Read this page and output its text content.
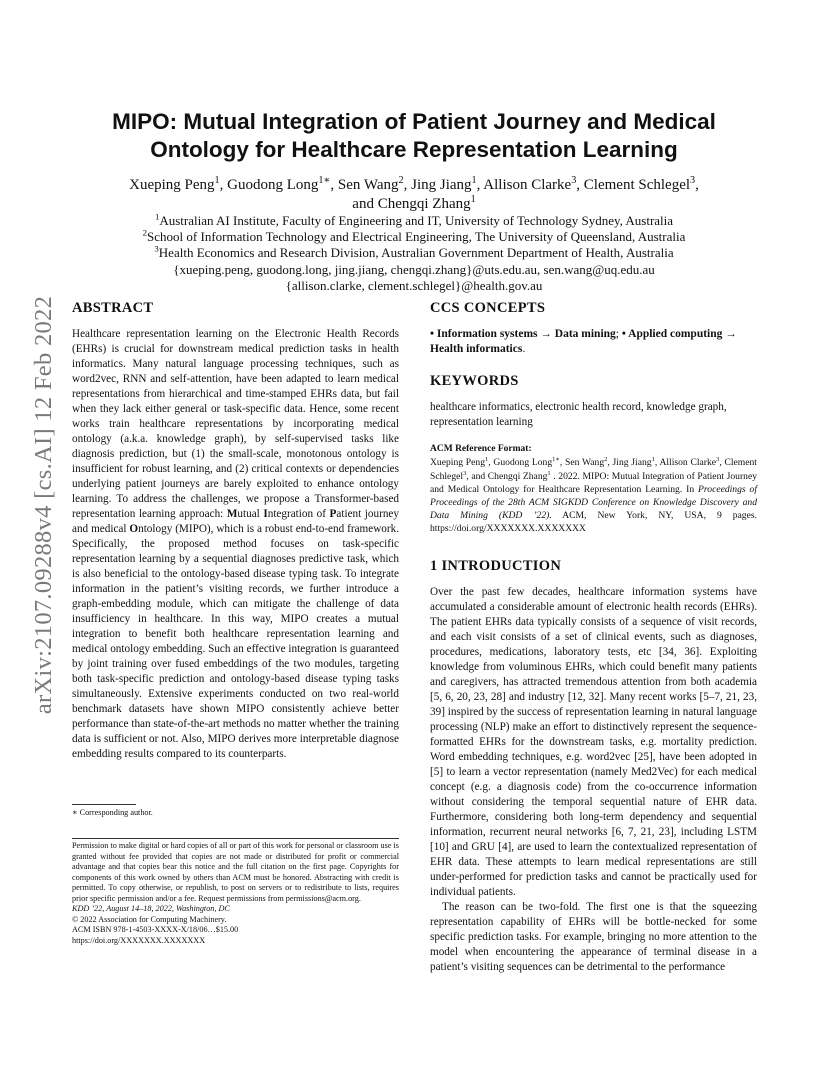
arXiv:2107.09288v4 [cs.AI] 12 Feb 2022
MIPO: Mutual Integration of Patient Journey and Medical
Ontology for Healthcare Representation Learning
Xueping Peng$^1$, Guodong Long$^{1∗}$, Sen Wang$^2$, Jing Jiang$^1$, Allison Clarke$^3$, Clement Schlegel$^3$,
and Chengqi Zhang$^1$
$^1$Australian AI Institute, Faculty of Engineering and IT, University of Technology Sydney, Australia
$^2$School of Information Technology and Electrical Engineering, The University of Queensland, Australia
$^3$Health Economics and Research Division, Australian Government Department of Health, Australia
{xueping.peng, guodong.long, jing.jiang, chengqi.zhang}@uts.edu.au, sen.wang@uq.edu.au
{allison.clarke, clement.schlegel}@health.gov.au
ABSTRACT

Healthcare representation learning on the Electronic Health Records (EHRs) is crucial for downstream medical prediction tasks in health informatics. Many natural language processing techniques, such as word2vec, RNN and self-attention, have been adapted to learn medical representations from hierarchical and time-stamped EHRs data, but fail when they lack either general or task-specific data. Hence, some recent works train healthcare representations by incorporating medical ontology (a.k.a. knowledge graph), by self-supervised tasks like diagnosis prediction, but (1) the small-scale, monotonous ontology is insufficient for robust learning, and (2) critical contexts or dependencies underlying patient journeys are barely exploited to enhance ontology learning. To address the challenges, we propose a Transformer-based representation learning approach: Mutual Integration of Patient journey and medical Ontology (MIPO), which is a robust end-to-end framework. Specifically, the proposed method focuses on task-specific representation learning by a sequential diagnoses predictive task, which is also beneficial to the ontology-based disease typing task. To integrate information in the patient’s visiting records, we further introduce a graph-embedding module, which can mitigate the challenge of data insufficiency in healthcare. In this way, MIPO creates a mutual integration to benefit both healthcare representation learning and medical ontology embedding. Such an effective integration is guaranteed by joint training over fused embeddings of the two modules, targeting both task-specific prediction and ontology-based disease typing tasks simultaneously. Extensive experiments conducted on two real-world benchmark datasets have shown MIPO consistently achieve better performance than state-of-the-art methods no matter whether the training data is sufficient or not. Also, MIPO derives more interpretable diagnose embedding results compared to its counterparts.

∗ Corresponding author.

Permission to make digital or hard copies of all or part of this work for personal or classroom use is granted without fee provided that copies are not made or distributed for profit or commercial advantage and that copies bear this notice and the full citation on the first page. Copyrights for components of this work owned by others than ACM must be honored. Abstracting with credit is permitted. To copy otherwise, or republish, to post on servers or to redistribute to lists, requires prior specific permission and/or a fee. Request permissions from permissions@acm.org.

KDD ’22, August 14–18, 2022, Washington, DC

© 2022 Association for Computing Machinery.

ACM ISBN 978-1-4503-XXXX-X/18/06…$15.00

https://doi.org/XXXXXXX.XXXXXXX

CCS CONCEPTS

• Information systems → Data mining; • Applied computing → Health informatics.

KEYWORDS

healthcare informatics, electronic health record, knowledge graph, representation learning

ACM Reference Format:

Xueping Peng$^1$, Guodong Long$^{1∗}$, Sen Wang$^2$, Jing Jiang$^1$, Allison Clarke$^3$, Clement Schlegel$^3$, and Chengqi Zhang$^1$ . 2022. MIPO: Mutual Integration of Patient Journey and Medical Ontology for Healthcare Representation Learning. In Proceedings of Proceedings of the 28th ACM SIGKDD Conference on Knowledge Discovery and Data Mining (KDD ’22). ACM, New York, NY, USA, 9 pages. https://doi.org/XXXXXXX.XXXXXXX

1 INTRODUCTION

Over the past few decades, healthcare information systems have accumulated a considerable amount of electronic health records (EHRs). The patient EHRs data typically consists of a sequence of visit records, and each visit consists of a set of clinical events, such as diagnoses, procedures, medications, laboratory tests, etc [34, 36]. Exploiting knowledge from voluminous EHRs, which could benefit many patients and caregivers, has attracted tremendous attention from both academia [5, 6, 20, 23, 28] and industry [12, 32]. Many recent works [5–7, 21, 23, 39] inspired by the success of representation learning in natural language processing (NLP) make an effort to distinctively represent the sequence-formatted EHRs for the downstream tasks, e.g. mortality prediction. Word embedding techniques, e.g. word2vec [25], have been adopted in [5] to learn a vector representation (namely Med2Vec) for each medical concept (e.g. a diagnosis code) from the co-occurrence information without considering the temporal sequential nature of EHR data. Furthermore, considering both long-term dependency and sequential information, recurrent neural networks [6, 7, 21, 23], including LSTM [10] and GRU [4], are used to learn the contextualized representation of EHR data. These attempts to learn medical representations are still under-performed for prediction tasks and cannot be practically used for individual patients.

The reason can be two-fold. The first one is that the squeezing representation capability of EHRs will be bottle-necked for some specific prediction tasks. For example, bringing no more attention to the model when encountering the appearance of terminal disease in a patient’s visiting sequences can be detrimental to the performance
